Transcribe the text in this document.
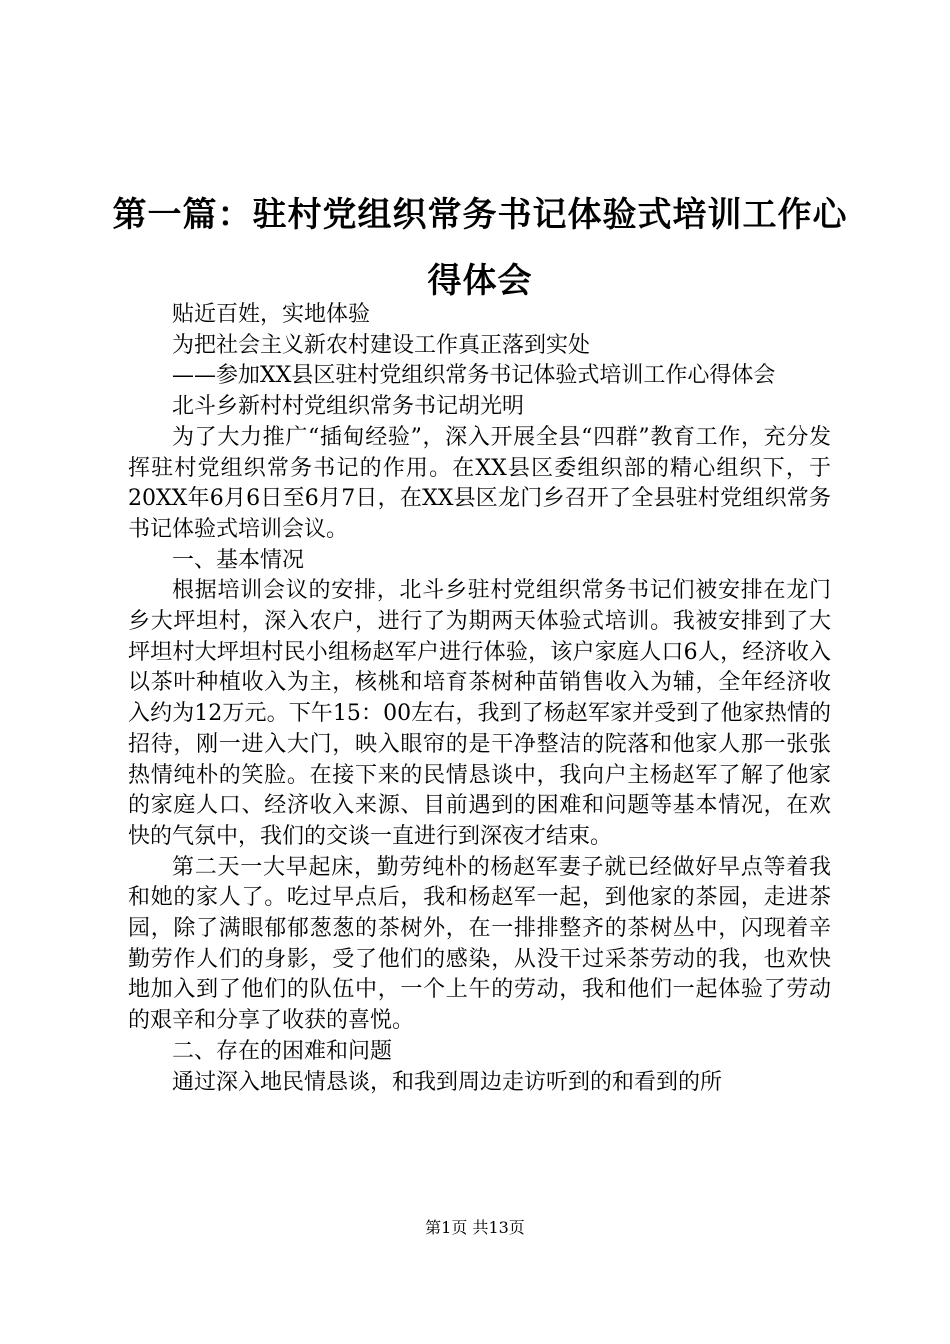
第一篇：驻村党组织常务书记体验式培训工作心得体会

贴近百姓，实地体验

为把社会主义新农村建设工作真正落到实处

——参加XX县区驻村党组织常务书记体验式培训工作心得体会

北斗乡新村村党组织常务书记胡光明

为了大力推广“插甸经验”，深入开展全县“四群”教育工作，充分发挥驻村党组织常务书记的作用。在XX县区委组织部的精心组织下，于20XX年6月6日至6月7日，在XX县区龙门乡召开了全县驻村党组织常务书记体验式培训会议。

一、基本情况

根据培训会议的安排，北斗乡驻村党组织常务书记们被安排在龙门乡大坪坦村，深入农户，进行了为期两天体验式培训。我被安排到了大坪坦村大坪坦村民小组杨赵军户进行体验，该户家庭人口6人，经济收入以茶叶种植收入为主，核桃和培育茶树种苗销售收入为辅，全年经济收入约为12万元。下午15：00左右，我到了杨赵军家并受到了他家热情的招待，刚一进入大门，映入眼帘的是干净整洁的院落和他家人那一张张热情纯朴的笑脸。在接下来的民情恳谈中，我向户主杨赵军了解了他家的家庭人口、经济收入来源、目前遇到的困难和问题等基本情况，在欢快的气氛中，我们的交谈一直进行到深夜才结束。

第二天一大早起床，勤劳纯朴的杨赵军妻子就已经做好早点等着我和她的家人了。吃过早点后，我和杨赵军一起，到他家的茶园，走进茶园，除了满眼郁郁葱葱的茶树外，在一排排整齐的茶树丛中，闪现着辛勤劳作人们的身影，受了他们的感染，从没干过采茶劳动的我，也欢快地加入到了他们的队伍中，一个上午的劳动，我和他们一起体验了劳动的艰辛和分享了收获的喜悦。

二、存在的困难和问题

通过深入地民情恳谈，和我到周边走访听到的和看到的所

第1页 共13页
